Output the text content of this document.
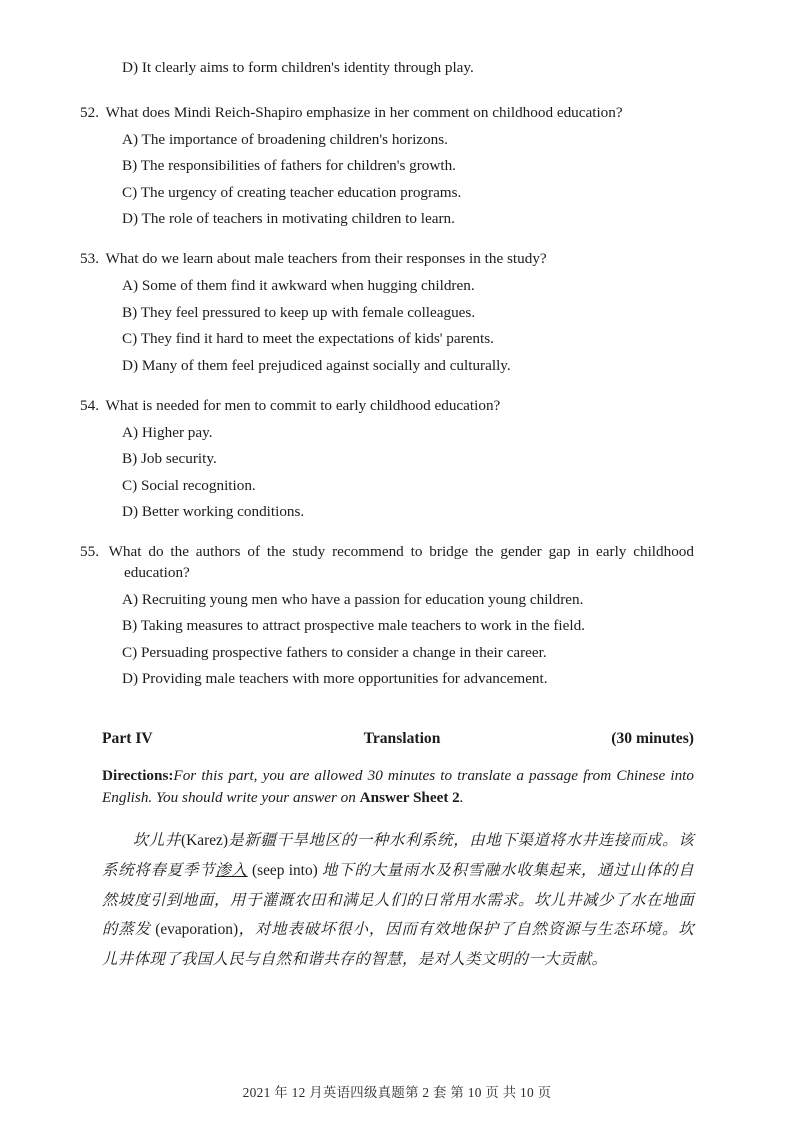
D) It clearly aims to form children's identity through play.
52. What does Mindi Reich-Shapiro emphasize in her comment on childhood education?
A) The importance of broadening children's horizons.
B) The responsibilities of fathers for children's growth.
C) The urgency of creating teacher education programs.
D) The role of teachers in motivating children to learn.
53. What do we learn about male teachers from their responses in the study?
A) Some of them find it awkward when hugging children.
B) They feel pressured to keep up with female colleagues.
C) They find it hard to meet the expectations of kids' parents.
D) Many of them feel prejudiced against socially and culturally.
54. What is needed for men to commit to early childhood education?
A) Higher pay.
B) Job security.
C) Social recognition.
D) Better working conditions.
55. What do the authors of the study recommend to bridge the gender gap in early childhood education?
A) Recruiting young men who have a passion for education young children.
B) Taking measures to attract prospective male teachers to work in the field.
C) Persuading prospective fathers to consider a change in their career.
D) Providing male teachers with more opportunities for advancement.
Part IV	Translation	(30 minutes)
Directions:For this part, you are allowed 30 minutes to translate a passage from Chinese into English. You should write your answer on Answer Sheet 2.
坎儿井(Karez)是新疆干旱地区的一种水利系统，由地下渠道将水井连接而成。该系统将春夏季节渗入 (seep into) 地下的大量雨水及积雪融水收集起来，通过山体的自然坡度引到地面，用于灌溉农田和满足人们的日常用水需求。坎儿井减少了水在地面的蒸发 (evaporation)，对地表破坏很小，因而有效地保护了自然资源与生态环境。坎儿井体现了我国人民与自然和谐共存的智慧，是对人类文明的一大贡献。
2021 年 12 月英语四级真题第 2 套 第 10 页 共 10 页
